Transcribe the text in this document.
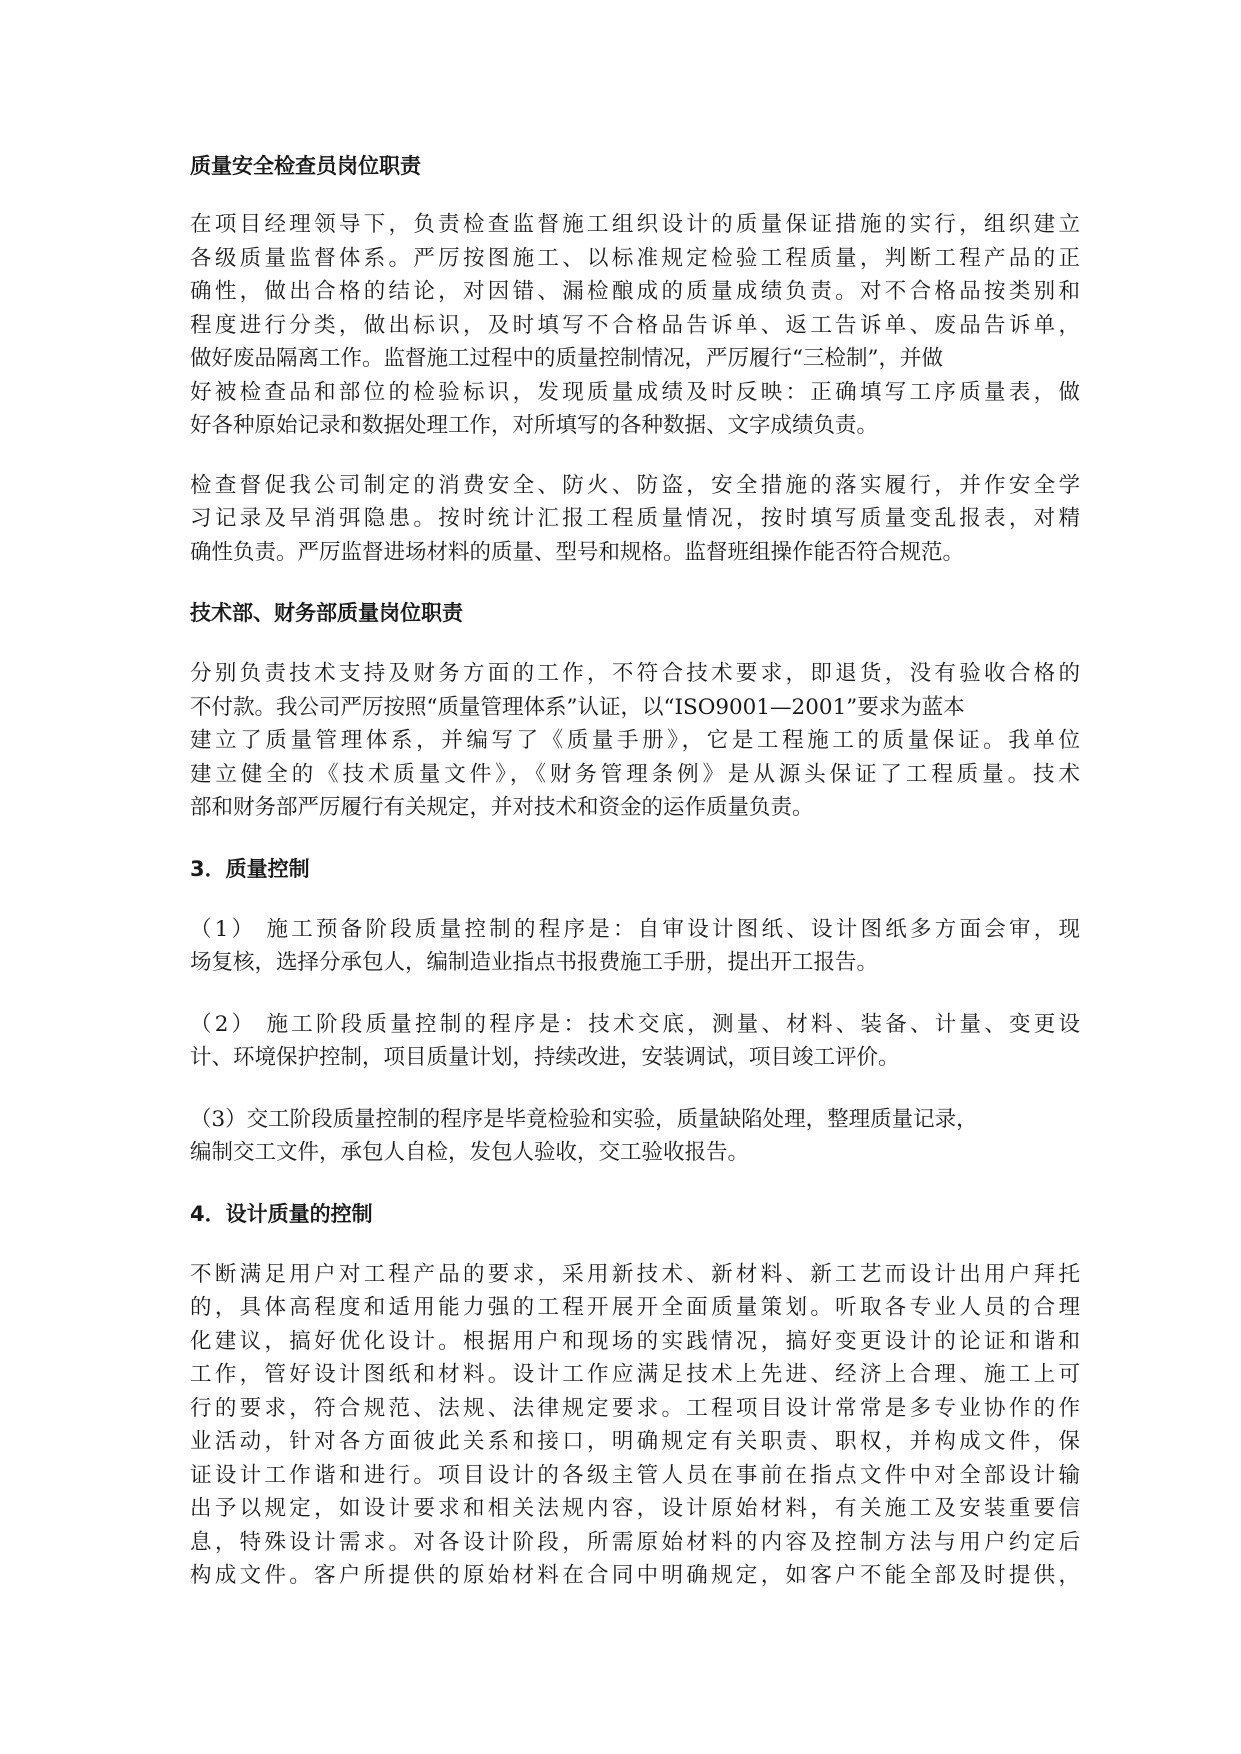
质量安全检查员岗位职责
在项目经理领导下，负责检查监督施工组织设计的质量保证措施的实行，组织建立
各级质量监督体系。严厉按图施工、以标准规定检验工程质量，判断工程产品的正
确性，做出合格的结论，对因错、漏检酿成的质量成绩负责。对不合格品按类别和
程度进行分类，做出标识，及时填写不合格品告诉单、返工告诉单、废品告诉单，
做好废品隔离工作。监督施工过程中的质量控制情况，严厉履行“三检制”，并做
好被检查品和部位的检验标识，发现质量成绩及时反映：正确填写工序质量表，做
好各种原始记录和数据处理工作，对所填写的各种数据、文字成绩负责。
检查督促我公司制定的消费安全、防火、防盗，安全措施的落实履行，并作安全学
习记录及早消弭隐患。按时统计汇报工程质量情况，按时填写质量变乱报表，对精
确性负责。严厉监督进场材料的质量、型号和规格。监督班组操作能否符合规范。
技术部、财务部质量岗位职责
分别负责技术支持及财务方面的工作，不符合技术要求，即退货，没有验收合格的
不付款。我公司严厉按照“质量管理体系”认证，以“ISO9001—2001”要求为蓝本
建立了质量管理体系，并编写了《质量手册》，它是工程施工的质量保证。我单位
建立健全的《技术质量文件》，《财务管理条例》是从源头保证了工程质量。技术
部和财务部严厉履行有关规定，并对技术和资金的运作质量负责。
3．质量控制
（1） 施工预备阶段质量控制的程序是：自审设计图纸、设计图纸多方面会审，现
场复核，选择分承包人，编制造业指点书报费施工手册，提出开工报告。
（2） 施工阶段质量控制的程序是：技术交底，测量、材料、装备、计量、变更设
计、环境保护控制，项目质量计划，持续改进，安装调试，项目竣工评价。
（3）交工阶段质量控制的程序是毕竟检验和实验，质量缺陷处理，整理质量记录，
编制交工文件，承包人自检，发包人验收，交工验收报告。
4．设计质量的控制
不断满足用户对工程产品的要求，采用新技术、新材料、新工艺而设计出用户拜托
的，具体高程度和适用能力强的工程开展开全面质量策划。听取各专业人员的合理
化建议，搞好优化设计。根据用户和现场的实践情况，搞好变更设计的论证和谐和
工作，管好设计图纸和材料。设计工作应满足技术上先进、经济上合理、施工上可
行的要求，符合规范、法规、法律规定要求。工程项目设计常常是多专业协作的作
业活动，针对各方面彼此关系和接口，明确规定有关职责、职权，并构成文件，保
证设计工作谐和进行。项目设计的各级主管人员在事前在指点文件中对全部设计输
出予以规定，如设计要求和相关法规内容，设计原始材料，有关施工及安装重要信
息，特殊设计需求。对各设计阶段，所需原始材料的内容及控制方法与用户约定后
构成文件。客户所提供的原始材料在合同中明确规定，如客户不能全部及时提供，
